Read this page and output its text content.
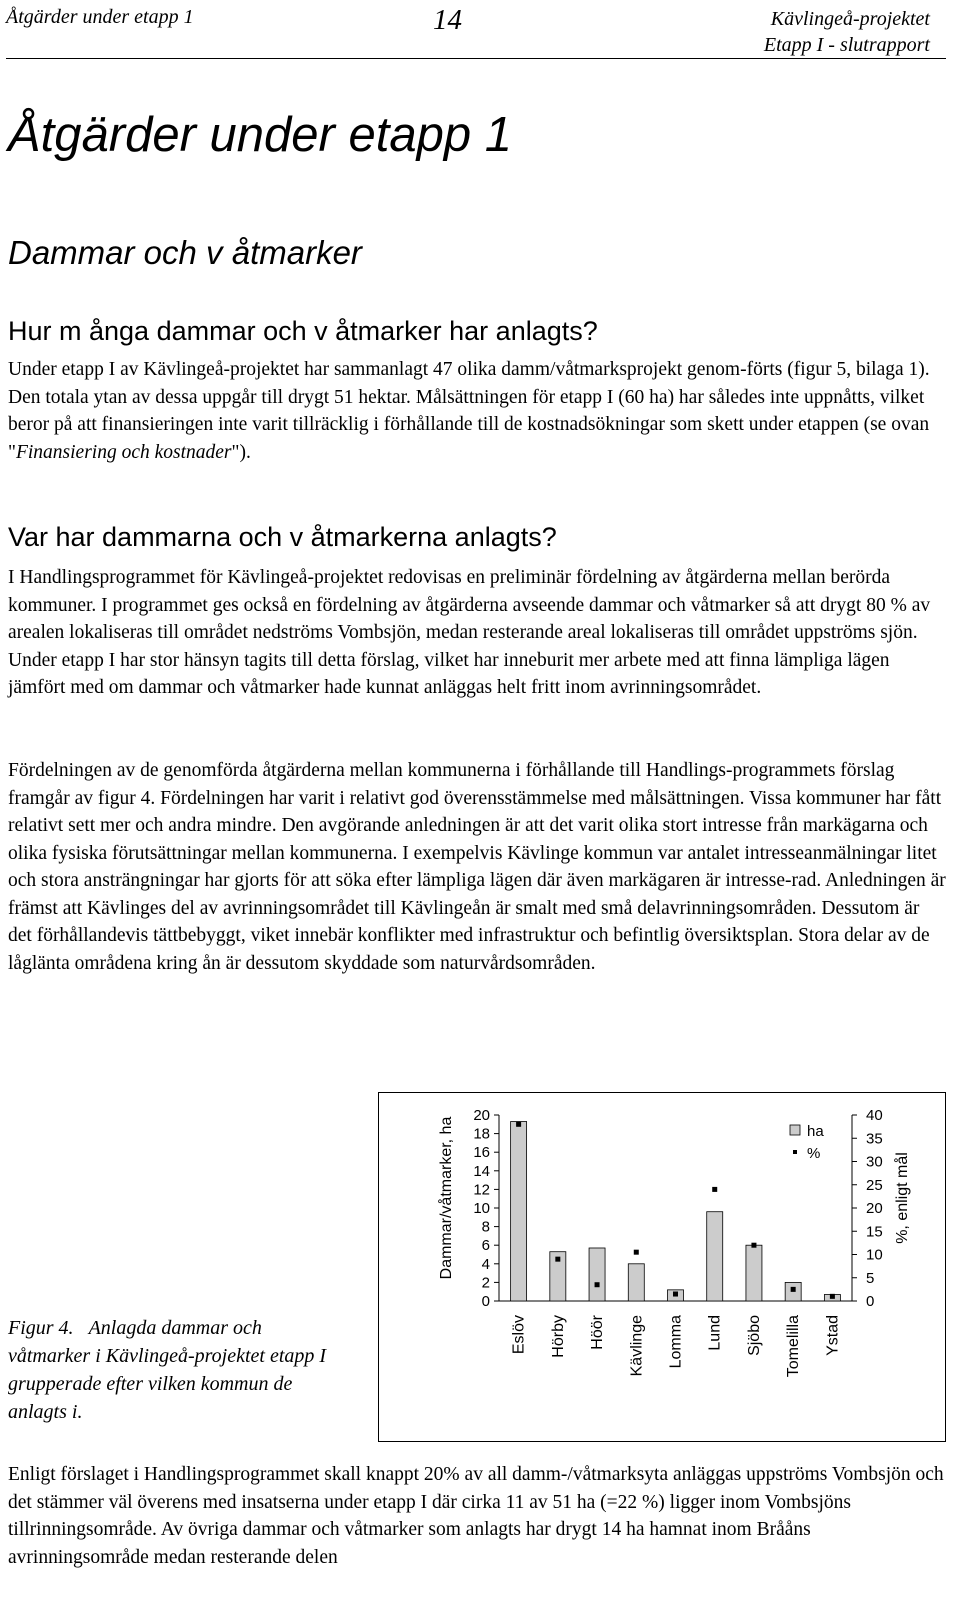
Åtgärder under etapp 1	14	Kävlingeå-projektet
Etapp I - slutrapport
Åtgärder under etapp 1
Dammar och v åtmarker
Hur m ånga dammar och v åtmarker har anlagts?

Under etapp I av Kävlingeå-projektet har sammanlagt 47 olika damm/våtmarksprojekt genom-förts (figur 5, bilaga 1). Den totala ytan av dessa uppgår till drygt 51 hektar. Målsättningen för etapp I (60 ha) har således inte uppnåtts, vilket beror på att finansieringen inte varit tillräcklig i förhållande till de kostnadsökningar som skett under etappen (se ovan "Finansiering och kostnader").

Var har dammarna och v åtmarkerna anlagts?

I Handlingsprogrammet för Kävlingeå-projektet redovisas en preliminär fördelning av åtgärderna mellan berörda kommuner. I programmet ges också en fördelning av åtgärderna avseende dammar och våtmarker så att drygt 80 % av arealen lokaliseras till området nedströms Vombsjön, medan resterande areal lokaliseras till området uppströms sjön. Under etapp I har stor hänsyn tagits till detta förslag, vilket har inneburit mer arbete med att finna lämpliga lägen jämfört med om dammar och våtmarker hade kunnat anläggas helt fritt inom avrinningsområdet.

Fördelningen av de genomförda åtgärderna mellan kommunerna i förhållande till Handlings-programmets förslag framgår av figur 4. Fördelningen har varit i relativt god överensstämmelse med målsättningen. Vissa kommuner har fått relativt sett mer och andra mindre. Den avgörande anledningen är att det varit olika stort intresse från markägarna och olika fysiska förutsättningar mellan kommunerna. I exempelvis Kävlinge kommun var antalet intresseanmälningar litet och stora ansträngningar har gjorts för att söka efter lämpliga lägen där även markägaren är intresse-rad. Anledningen är främst att Kävlinges del av avrinningsområdet till Kävlingeån är smalt med små delavrinningsområden. Dessutom är det förhållandevis tättbebyggt, viket innebär konflikter med infrastruktur och befintlig översiktsplan. Stora delar av de låglänta områdena kring ån är dessutom skyddade som naturvårdsområden.

Figur 4. Anlagda dammar och våtmarker i Kävlingeå-projektet etapp I grupperade efter vilken kommun de anlagts i.
0
2
4
6
8
10
12
14
16
18
20
0
5
10
15
20
25
30
35
40
Dammar/våtmarker, ha	%, enligt mål
Eslöv Hörby Höör Kävlinge Lomma Lund Sjöbo Tomelilla Ystad
ha
%

Enligt förslaget i Handlingsprogrammet skall knappt 20% av all damm-/våtmarksyta anläggas uppströms Vombsjön och det stämmer väl överens med insatserna under etapp I där cirka 11 av 51 ha (=22 %) ligger inom Vombsjöns tillrinningsområde. Av övriga dammar och våtmarker som anlagts har drygt 14 ha hamnat inom Brååns avrinningsområde medan resterande delen
